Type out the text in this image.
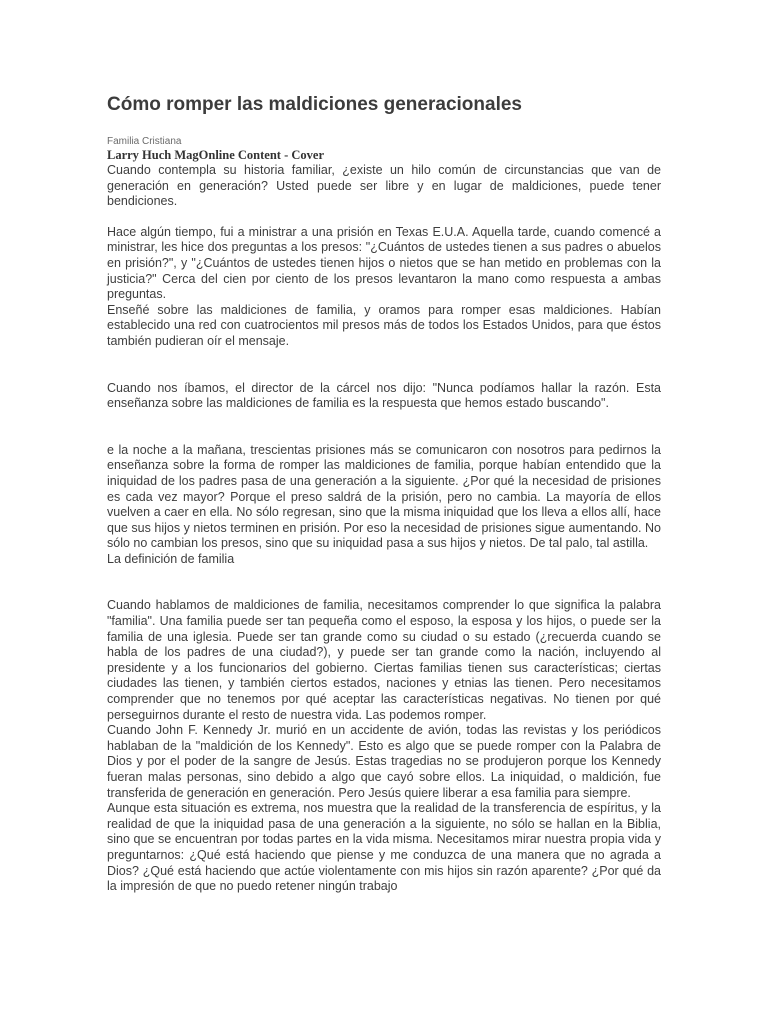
Cómo romper las maldiciones generacionales

Familia Cristiana

Larry Huch MagOnline Content - Cover

Cuando contempla su historia familiar, ¿existe un hilo común de circunstancias que van de generación en generación? Usted puede ser libre y en lugar de maldiciones, puede tener bendiciones.

Hace algún tiempo, fui a ministrar a una prisión en Texas E.U.A. Aquella tarde, cuando comencé a ministrar, les hice dos preguntas a los presos: "¿Cuántos de ustedes tienen a sus padres o abuelos en prisión?", y "¿Cuántos de ustedes tienen hijos o nietos que se han metido en problemas con la justicia?" Cerca del cien por ciento de los presos levantaron la mano como respuesta a ambas preguntas.

Enseñé sobre las maldiciones de familia, y oramos para romper esas maldiciones. Habían establecido una red con cuatrocientos mil presos más de todos los Estados Unidos, para que éstos también pudieran oír el mensaje.

Cuando nos íbamos, el director de la cárcel nos dijo: "Nunca podíamos hallar la razón. Esta enseñanza sobre las maldiciones de familia es la respuesta que hemos estado buscando".

e la noche a la mañana, trescientas prisiones más se comunicaron con nosotros para pedirnos la enseñanza sobre la forma de romper las maldiciones de familia, porque habían entendido que la iniquidad de los padres pasa de una generación a la siguiente. ¿Por qué la necesidad de prisiones es cada vez mayor? Porque el preso saldrá de la prisión, pero no cambia. La mayoría de ellos vuelven a caer en ella. No sólo regresan, sino que la misma iniquidad que los lleva a ellos allí, hace que sus hijos y nietos terminen en prisión. Por eso la necesidad de prisiones sigue aumentando. No sólo no cambian los presos, sino que su iniquidad pasa a sus hijos y nietos. De tal palo, tal astilla.

La definición de familia

Cuando hablamos de maldiciones de familia, necesitamos comprender lo que significa la palabra "familia". Una familia puede ser tan pequeña como el esposo, la esposa y los hijos, o puede ser la familia de una iglesia. Puede ser tan grande como su ciudad o su estado (¿recuerda cuando se habla de los padres de una ciudad?), y puede ser tan grande como la nación, incluyendo al presidente y a los funcionarios del gobierno. Ciertas familias tienen sus características; ciertas ciudades las tienen, y también ciertos estados, naciones y etnias las tienen. Pero necesitamos comprender que no tenemos por qué aceptar las características negativas. No tienen por qué perseguirnos durante el resto de nuestra vida. Las podemos romper.

Cuando John F. Kennedy Jr. murió en un accidente de avión, todas las revistas y los periódicos hablaban de la "maldición de los Kennedy". Esto es algo que se puede romper con la Palabra de Dios y por el poder de la sangre de Jesús. Estas tragedias no se produjeron porque los Kennedy fueran malas personas, sino debido a algo que cayó sobre ellos. La iniquidad, o maldición, fue transferida de generación en generación. Pero Jesús quiere liberar a esa familia para siempre.

Aunque esta situación es extrema, nos muestra que la realidad de la transferencia de espíritus, y la realidad de que la iniquidad pasa de una generación a la siguiente, no sólo se hallan en la Biblia, sino que se encuentran por todas partes en la vida misma. Necesitamos mirar nuestra propia vida y preguntarnos: ¿Qué está haciendo que piense y me conduzca de una manera que no agrada a Dios? ¿Qué está haciendo que actúe violentamente con mis hijos sin razón aparente? ¿Por qué da la impresión de que no puedo retener ningún trabajo
